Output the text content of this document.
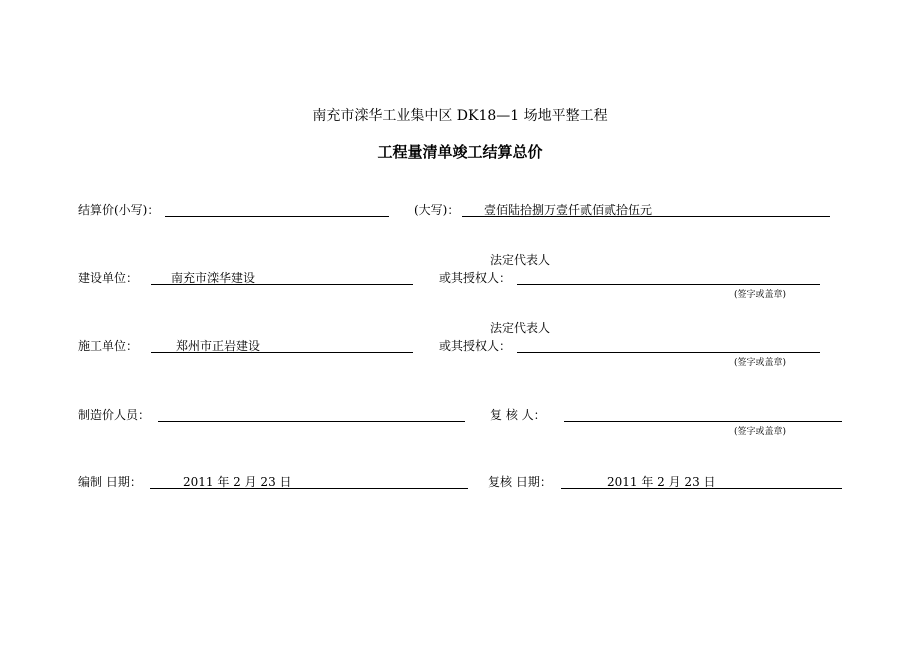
南充市滦华工业集中区 DK18—1 场地平整工程
工程量清单竣工结算总价
结算价(小写)：	(大写)： 壹佰陆拾捌万壹仟贰佰贰拾伍元
法定代表人
建设单位：	南充市滦华建设	或其授权人：
(签字或盖章)
法定代表人
施工单位：	郑州市正岩建设	或其授权人：
(签字或盖章)
制造价人员：	复 核 人：
(签字或盖章)
编制 日期：	2011 年 2 月 23 日	复核 日期：	2011 年 2 月 23 日
